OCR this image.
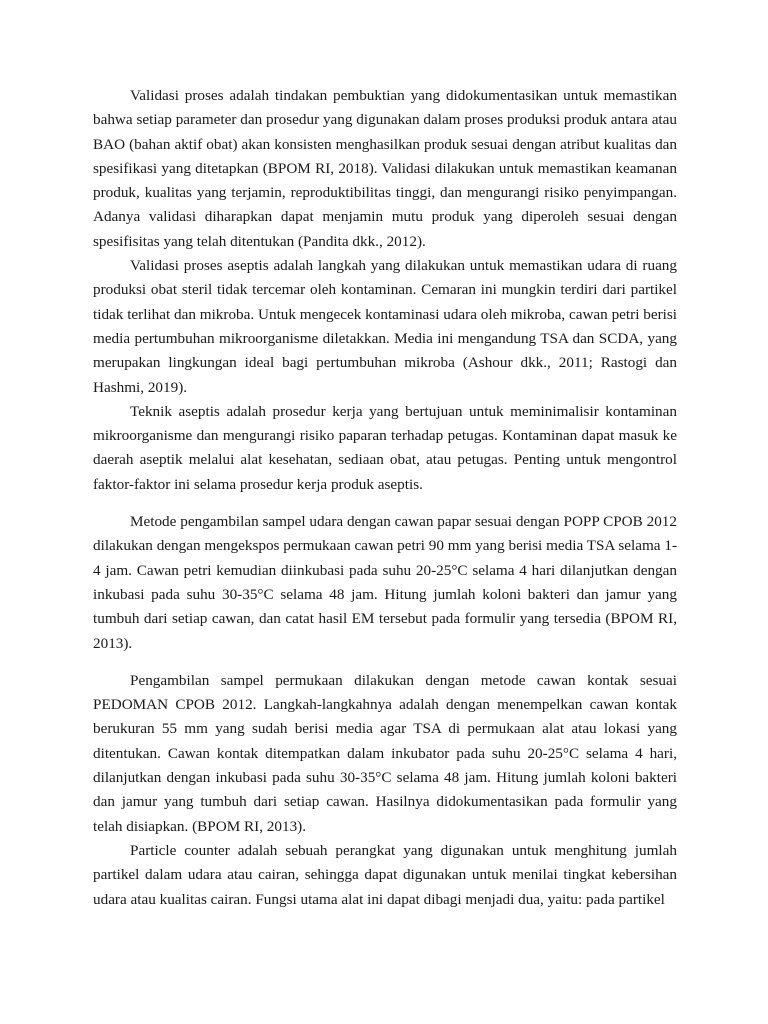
Validasi proses adalah tindakan pembuktian yang didokumentasikan untuk memastikan bahwa setiap parameter dan prosedur yang digunakan dalam proses produksi produk antara atau BAO (bahan aktif obat) akan konsisten menghasilkan produk sesuai dengan atribut kualitas dan spesifikasi yang ditetapkan (BPOM RI, 2018). Validasi dilakukan untuk memastikan keamanan produk, kualitas yang terjamin, reproduktibilitas tinggi, dan mengurangi risiko penyimpangan. Adanya validasi diharapkan dapat menjamin mutu produk yang diperoleh sesuai dengan spesifisitas yang telah ditentukan (Pandita dkk., 2012).

Validasi proses aseptis adalah langkah yang dilakukan untuk memastikan udara di ruang produksi obat steril tidak tercemar oleh kontaminan. Cemaran ini mungkin terdiri dari partikel tidak terlihat dan mikroba. Untuk mengecek kontaminasi udara oleh mikroba, cawan petri berisi media pertumbuhan mikroorganisme diletakkan. Media ini mengandung TSA dan SCDA, yang merupakan lingkungan ideal bagi pertumbuhan mikroba (Ashour dkk., 2011; Rastogi dan Hashmi, 2019).

Teknik aseptis adalah prosedur kerja yang bertujuan untuk meminimalisir kontaminan mikroorganisme dan mengurangi risiko paparan terhadap petugas. Kontaminan dapat masuk ke daerah aseptik melalui alat kesehatan, sediaan obat, atau petugas. Penting untuk mengontrol faktor-faktor ini selama prosedur kerja produk aseptis.

Metode pengambilan sampel udara dengan cawan papar sesuai dengan POPP CPOB 2012 dilakukan dengan mengekspos permukaan cawan petri 90 mm yang berisi media TSA selama 1-4 jam. Cawan petri kemudian diinkubasi pada suhu 20-25°C selama 4 hari dilanjutkan dengan inkubasi pada suhu 30-35°C selama 48 jam. Hitung jumlah koloni bakteri dan jamur yang tumbuh dari setiap cawan, dan catat hasil EM tersebut pada formulir yang tersedia (BPOM RI, 2013).

Pengambilan sampel permukaan dilakukan dengan metode cawan kontak sesuai PEDOMAN CPOB 2012. Langkah-langkahnya adalah dengan menempelkan cawan kontak berukuran 55 mm yang sudah berisi media agar TSA di permukaan alat atau lokasi yang ditentukan. Cawan kontak ditempatkan dalam inkubator pada suhu 20-25°C selama 4 hari, dilanjutkan dengan inkubasi pada suhu 30-35°C selama 48 jam. Hitung jumlah koloni bakteri dan jamur yang tumbuh dari setiap cawan. Hasilnya didokumentasikan pada formulir yang telah disiapkan. (BPOM RI, 2013).

Particle counter adalah sebuah perangkat yang digunakan untuk menghitung jumlah partikel dalam udara atau cairan, sehingga dapat digunakan untuk menilai tingkat kebersihan udara atau kualitas cairan. Fungsi utama alat ini dapat dibagi menjadi dua, yaitu: pada partikel
